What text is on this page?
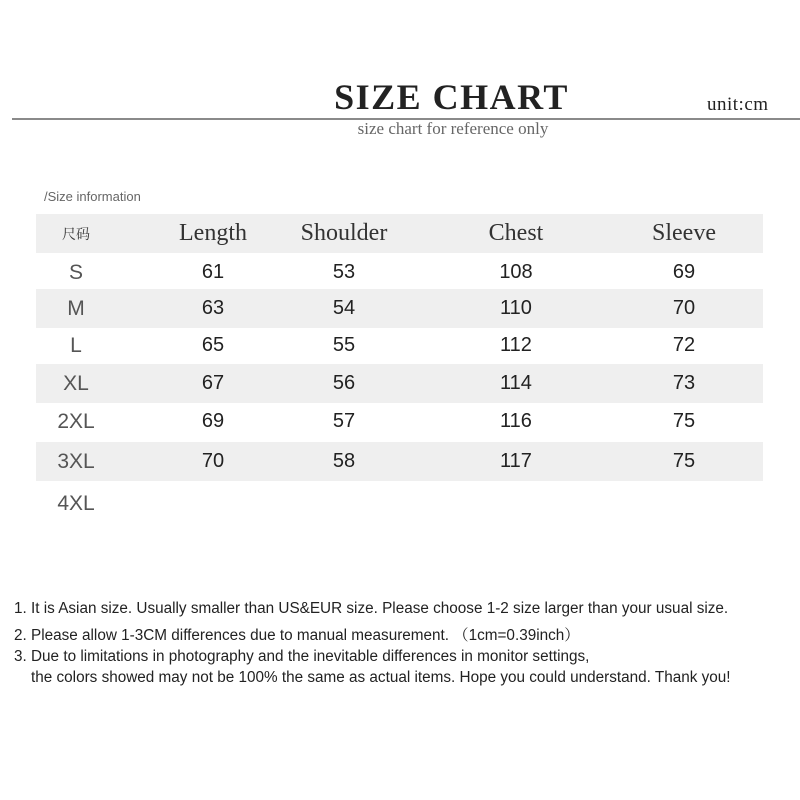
SIZE CHART	unit:cm
size chart for reference only
/Size information
尺码	Length	Shoulder	Chest	Sleeve
S	61	53	108	69
M	63	54	110	70
L	65	55	112	72
XL	67	56	114	73
2XL	69	57	116	75
3XL	70	58	117	75
4XL
1. It is Asian size. Usually smaller than US&EUR size. Please choose 1-2 size larger than your usual size.
2. Please allow 1-3CM differences due to manual measurement. （1cm=0.39inch）
3. Due to limitations in photography and the inevitable differences in monitor settings,
the colors showed may not be 100% the same as actual items. Hope you could understand. Thank you!
